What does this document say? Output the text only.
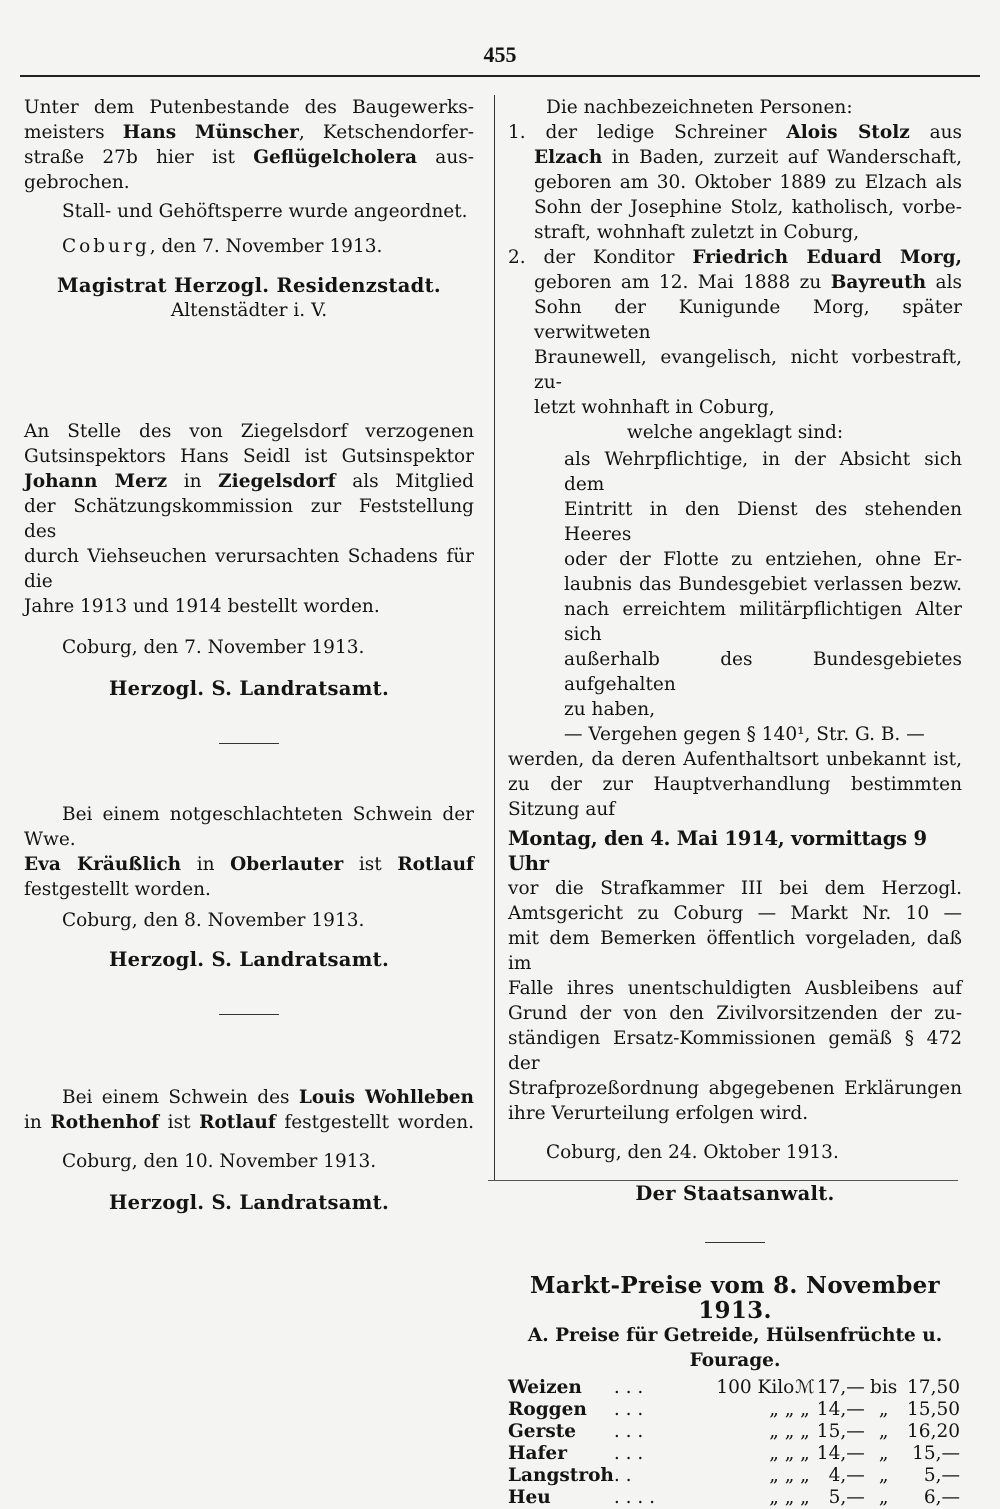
455

Unter dem Putenbestande des Baugewerks-

meisters Hans Münscher, Ketschendorfer-

straße 27b hier ist Geflügelcholera aus-

gebrochen.

Stall- und Gehöftsperre wurde angeordnet.

Coburg, den 7. November 1913.

Magistrat Herzogl. Residenzstadt.

Altenstädter i. V.

An Stelle des von Ziegelsdorf verzogenen

Gutsinspektors Hans Seidl ist Gutsinspektor

Johann Merz in Ziegelsdorf als Mitglied

der Schätzungskommission zur Feststellung des

durch Viehseuchen verursachten Schadens für die

Jahre 1913 und 1914 bestellt worden.

Coburg, den 7. November 1913.

Herzogl. S. Landratsamt.

Bei einem notgeschlachteten Schwein der Wwe.

Eva Kräußlich in Oberlauter ist Rotlauf

festgestellt worden.

Coburg, den 8. November 1913.

Herzogl. S. Landratsamt.

Bei einem Schwein des Louis Wohlleben

in Rothenhof ist Rotlauf festgestellt worden.

Coburg, den 10. November 1913.

Herzogl. S. Landratsamt.

Die nachbezeichneten Personen:

1. der ledige Schreiner Alois Stolz aus

Elzach in Baden, zurzeit auf Wanderschaft,

geboren am 30. Oktober 1889 zu Elzach als

Sohn der Josephine Stolz, katholisch, vorbe-

straft, wohnhaft zuletzt in Coburg,

2. der Konditor Friedrich Eduard Morg,

geboren am 12. Mai 1888 zu Bayreuth als

Sohn der Kunigunde Morg, später verwitweten

Braunewell, evangelisch, nicht vorbestraft, zu-

letzt wohnhaft in Coburg,

welche angeklagt sind:

als Wehrpflichtige, in der Absicht sich dem

Eintritt in den Dienst des stehenden Heeres

oder der Flotte zu entziehen, ohne Er-

laubnis das Bundesgebiet verlassen bezw.

nach erreichtem militärpflichtigen Alter sich

außerhalb des Bundesgebietes aufgehalten

zu haben,

— Vergehen gegen § 140¹, Str. G. B. —

werden, da deren Aufenthaltsort unbekannt ist,

zu der zur Hauptverhandlung bestimmten

Sitzung auf

Montag, den 4. Mai 1914, vormittags 9 Uhr

vor die Strafkammer III bei dem Herzogl.

Amtsgericht zu Coburg — Markt Nr. 10 —

mit dem Bemerken öffentlich vorgeladen, daß im

Falle ihres unentschuldigten Ausbleibens auf

Grund der von den Zivilvorsitzenden der zu-

ständigen Ersatz-Kommissionen gemäß § 472 der

Strafprozeßordnung abgegebenen Erklärungen

ihre Verurteilung erfolgen wird.

Coburg, den 24. Oktober 1913.

Der Staatsanwalt.

Markt-Preise vom 8. November 1913.

A. Preise für Getreide, Hülsenfrüchte u. Fourage.

Weizen	. . .	100 Kilo	ℳ	17,—	bis	17,50
Roggen	. . .	„ „	„	14,—	„	15,50
Gerste	. . .	„ „	„	15,—	„	16,20
Hafer	. . .	„ „	„	14,—	„	15,—
Langstroh	. .	„ „	„	4,—	„	5,—
Heu	. . . .	„ „	„	5,—	„	6,—
